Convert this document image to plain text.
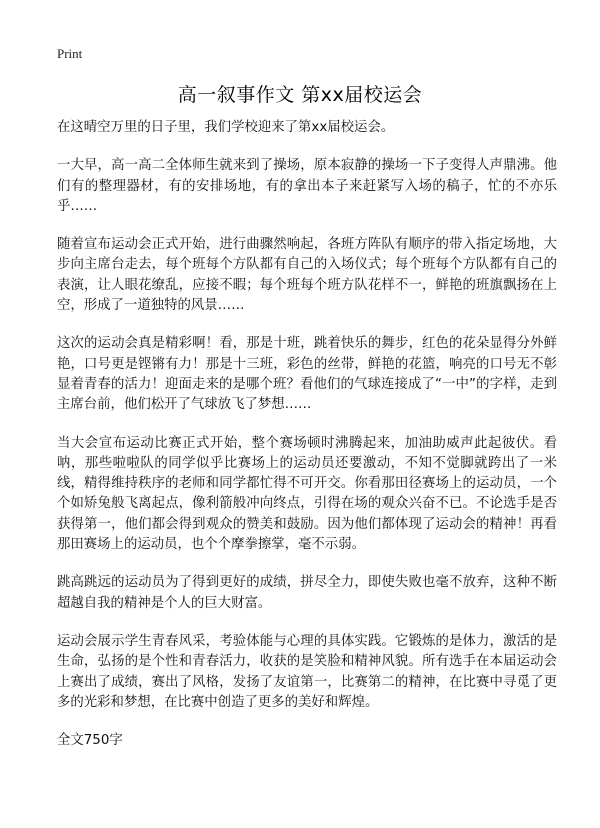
Print
高一叙事作文 第xx届校运会

在这晴空万里的日子里，我们学校迎来了第xx届校运会。

一大早，高一高二全体师生就来到了操场，原本寂静的操场一下子变得人声鼎沸。他们有的整理器材，有的安排场地，有的拿出本子来赶紧写入场的稿子，忙的不亦乐乎……

随着宣布运动会正式开始，进行曲骤然响起，各班方阵队有顺序的带入指定场地，大步向主席台走去，每个班每个方队都有自己的入场仪式；每个班每个方队都有自己的表演，让人眼花缭乱，应接不暇；每个班每个班方队花样不一，鲜艳的班旗飘扬在上空，形成了一道独特的风景……

这次的运动会真是精彩啊！看，那是十班，跳着快乐的舞步，红色的花朵显得分外鲜艳，口号更是铿锵有力！那是十三班，彩色的丝带，鲜艳的花篮，响亮的口号无不彰显着青春的活力！迎面走来的是哪个班？看他们的气球连接成了“一中”的字样，走到主席台前，他们松开了气球放飞了梦想……

当大会宣布运动比赛正式开始，整个赛场顿时沸腾起来，加油助威声此起彼伏。看呐，那些啦啦队的同学似乎比赛场上的运动员还要激动，不知不觉脚就跨出了一米线，精得维持秩序的老师和同学都忙得不可开交。你看那田径赛场上的运动员，一个个如矫兔般飞离起点，像利箭般冲向终点，引得在场的观众兴奋不已。不论选手是否获得第一，他们都会得到观众的赞美和鼓励。因为他们都体现了运动会的精神！再看那田赛场上的运动员，也个个摩拳擦掌，毫不示弱。

跳高跳远的运动员为了得到更好的成绩，拼尽全力，即使失败也毫不放弃，这种不断超越自我的精神是个人的巨大财富。

运动会展示学生青春风采，考验体能与心理的具体实践。它锻炼的是体力，激活的是生命，弘扬的是个性和青春活力，收获的是笑脸和精神风貌。所有选手在本届运动会上赛出了成绩，赛出了风格，发扬了友谊第一，比赛第二的精神，在比赛中寻觅了更多的光彩和梦想，在比赛中创造了更多的美好和辉煌。

全文750字
